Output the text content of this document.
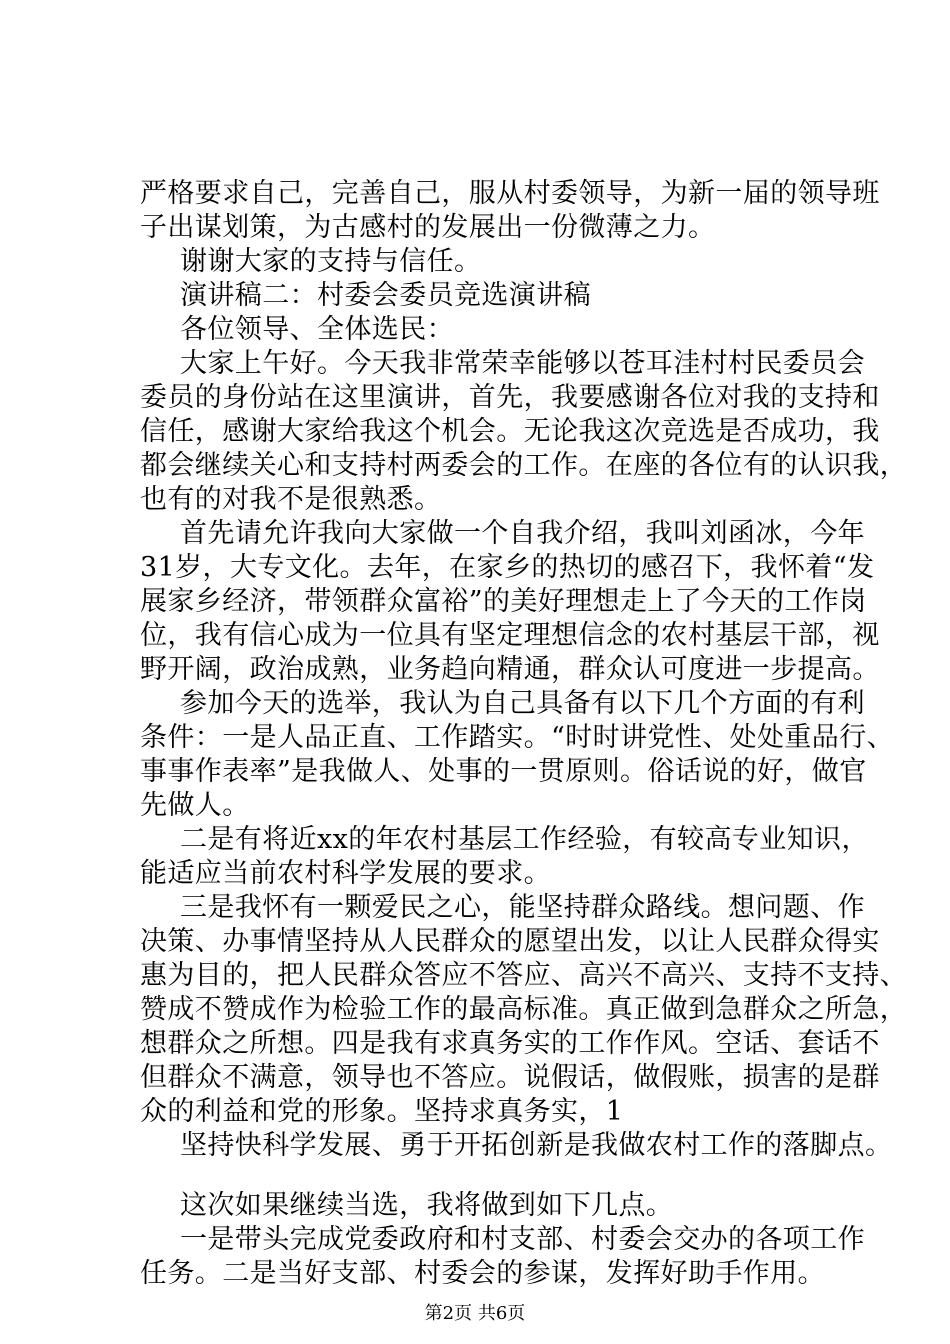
严格要求自己，完善自己，服从村委领导，为新一届的领导班
子出谋划策，为古感村的发展出一份微薄之力。
谢谢大家的支持与信任。
演讲稿二：村委会委员竞选演讲稿
各位领导、全体选民：
大家上午好。今天我非常荣幸能够以苍耳洼村村民委员会
委员的身份站在这里演讲，首先，我要感谢各位对我的支持和
信任，感谢大家给我这个机会。无论我这次竞选是否成功，我
都会继续关心和支持村两委会的工作。在座的各位有的认识我，
也有的对我不是很熟悉。
首先请允许我向大家做一个自我介绍，我叫刘函冰，今年
31岁，大专文化。去年，在家乡的热切的感召下，我怀着“发
展家乡经济，带领群众富裕”的美好理想走上了今天的工作岗
位，我有信心成为一位具有坚定理想信念的农村基层干部，视
野开阔，政治成熟，业务趋向精通，群众认可度进一步提高。
参加今天的选举，我认为自己具备有以下几个方面的有利
条件：一是人品正直、工作踏实。“时时讲党性、处处重品行、
事事作表率”是我做人、处事的一贯原则。俗话说的好，做官
先做人。
二是有将近xx的年农村基层工作经验，有较高专业知识，
能适应当前农村科学发展的要求。
三是我怀有一颗爱民之心，能坚持群众路线。想问题、作
决策、办事情坚持从人民群众的愿望出发，以让人民群众得实
惠为目的，把人民群众答应不答应、高兴不高兴、支持不支持、
赞成不赞成作为检验工作的最高标准。真正做到急群众之所急，
想群众之所想。四是我有求真务实的工作作风。空话、套话不
但群众不满意，领导也不答应。说假话，做假账，损害的是群
众的利益和党的形象。坚持求真务实，1
坚持快科学发展、勇于开拓创新是我做农村工作的落脚点。
这次如果继续当选，我将做到如下几点。
一是带头完成党委政府和村支部、村委会交办的各项工作
任务。二是当好支部、村委会的参谋，发挥好助手作用。
第2页 共6页
